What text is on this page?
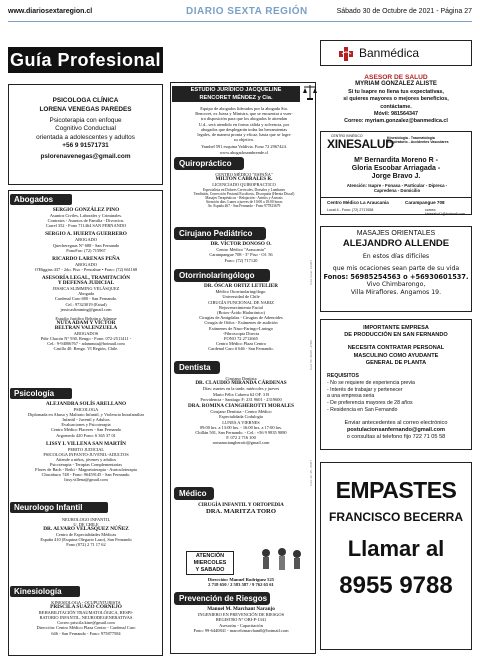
www.diariosextaregion.cl	DIARIO SEXTA REGIÓN	Sábado 30 de Octubre de 2021 - Página 27
Guía Profesional
PSICOLOGA CLÍNICA
LORENA VENEGAS PAREDES
Psicoterapia con enfoque
Cognitivo Conductual
orientada a adolescentes y adultos
+56 9 91571731
pslorenavenegas@gmail.com
Abogados

SERGIO GONZÁLEZ PINO

Asuntos Civiles, Laborales y Criminales.

Contratos - Asuntos de Familia - Divorcios.

Carrel 352 - Fono 711464 SAN FERNANDO

SERGIO A. HUERTA GUERRERO

ABOGADO

Quechereguas N° 688 - San Fernando

FonoFax: (72) 715967

RICARDO LARENAS PEÑA

ABOGADO

O'Higgins 437 - 2do. Piso - Pencahue • Fono: (72) 661168

ASESORÍA LEGAL, TRAMITACIÓN

Y DEFENSA JUDICIAL

JESSICA SLIMMING VELÁSQUEZ

Abogada

Cardenal Caro 680 - San Fernando.

Cel.: 97323019 (Estud)

jessicaslimming@gmail.com

Estudio Jurídico Beltrán y Adasme

NUTA ADAM Y VÍCTOR

BELTRAN VALENZUELA

ABOGADOS

Pdte Chacón N° 930, Rengo - Fono: 072-2511411 -

Cel.: 9-94006767 - adamnuta@hotmail.com

Casilla 40. Rengo. VI Región, Chile.

Psicología

ALEJANDRA SOLÍS ARELLANO

PSICOLOGA

Diplomada en Abuso y Maltrato Infantil, y Violencia Intrafamiliar

Infantil - Juvenil y Adultos

Evaluaciones y Psicoterapia

Centro Médico Placeres - San Fernando

Argomedo 420 Fono: 6 365 37 01

LISSY I. VILLENA SAN MARTÍN

PERITO JUDICIAL

PSICOLOGA INFANTO-JUVENIL-ADULTOS

Atiende a niños, jóvenes y adultos

Psicoterapia - Terapias Complementarias

Flores de Bach - Reiki - Magnetoterapia - Auriculoterapia

Chacabuco 748 - Fono: 96459145 - San Fernando.

lissy.villena@gmail.com

Neurologo Infantil

NEUROLOGO INFANTIL

U. DE CHILE

DR. ALVARO VELÁSQUEZ NÚÑEZ

Centro de Especialidades Médicas

España 410 (Esquina Olegario Lazo), San Fernando

Fono (072) 2 71 17 62

Kinesiología

KINESIOLOGA - OCUPUNTURISTA

PRISCILA SUAZO CORNEJO

REHABILITACIÓN TRAUMATOLÓGICA, RESPI-

RATORIO INFANTIL, NEURODEGENERATIVAS

Correo priscila.kine@gmail.com

Dirección: Centro Médico Plaza Centro - Cardenal Caro

646 - San Fernando - Fono: 975877584

ESTUDIO JURÍDICO JACQUELINE
RENCORET MÉNDEZ y Cia.

Equipo de abogados liderados por la abogada Sta.

Rencoret, ex Jueza y Ministra, que se encuentra a vues-

tra disposición para que los abogados le atiendan

U.d., será atendido en forma cálida y solvencia, por

abogados que desplegarán todas las herramientas

legales, de manera pronta y eficaz, hasta que se logre

su objetivo.

Yumbel 591 esquina Valdivia. Fono 72 2967424.

www.abogadosambrende.cl

Quiropráctico

CENTRO MÉDICO "ESPAÑA"

MILTON CABRALES R.

LICENCIADO QUIROPRACTICO

Especialista en Dolores Cervicales, Dorsales y Lumbares

Tendinitis, Corrección Postural Escoliosis, Discopatía (Hernia Discal)

Masajes Terapéuticos - Relajación - Artritis y Artrosis

Atención días: Lunes a jueves de 10:00 a 18:00 horas

Av. España 467 - San Fernando - Fono 977823679

Cirujano Pediátrico

DR. VÍCTOR DONOSO O.

Centro Médico "Araucania"

Carampangue 708 - 3° Piso - Of. 56

Fono: (72) 717120

Otorrinolaringólogo

DR. ÓSCAR ORTIZ LETELIER

Médico Otorrinolaringólogo.

Universidad de Chile

CIRUGÍA FUNCIONAL DE NARIZ

Rejuvenecimiento Facial

(Botox-Ácido Hialurónico)

Cirugías de Amígdalas - Cirugías de Adenoides

Cirugía de Oídos - Exámenes de audición

Exámenes de Naso-Faringo-Laringo

-Fibroscopia Directa

FONO 72 2712665

Centro Médico Plaza Centro

Cardenal Caro # 646 - San Fernando.

Dentista

Cirujano Dentista

DR. CLAUDIO MIRANDA CÁRDENAS

Días: martes en la tarde, miércoles y jueves

Mario Félix Cabrera 62 OF. 3 B

Providencia - Santiago F: 231 9601 - 2319600

DRA. ROMINA CIANGHEROTTI MORALES

Cirujano Dentista - Centro Médico

Especialidada Codulogía

LUNES A VIERNES

09:00 hrs. a 13:00 hrs. - 16:00 hrs. a 17:00 hrs.

Chillán 501, San Fernando. - Cel.: +56 9 9835 9080

F. 072 2 716 100

romanaciangherotti@gmail.com

Médico

CIRUGÍA INFANTIL Y ORTOPEDIA

DRA. MARITZA TORO

ATENCIÓN
MIERCOLES
Y SABADO

Dirección: Manuel Rodríguez 525

2 718 650 / 2 583 587 / 9 762 65 61

Prevención de Riesgos

Manuel M. Marchant Naranjo

INGENIERO EN PREVENCIÓN DE RIESGOS

REGISTRO N° OBI-P-1341

Asesorías - Capacitación

Fono: 99-6440841 - marcelomarchant0@hotmail.com

Cód. Gruo: 124/01
Cód. 5b. 98.00 - 37/00
Cód: 22: 28 - 05/07
Banmédica
ASESOR DE SALUD
MYRIAM GONZALEZ ALISTE
Si tu Isapre no llena tus expectativas,
si quieres mayores o mejores beneficios,
contáctame.
Móvil: 981564347
Correo: myriam.gonzalez@banmedica.cl
CENTRO KINÉSICO
XINESALUD
Kinesiología - Traumatología
Respiratorio - Accidentes Vasculares
Mª Bernardita Moreno R -
Gloria Escobar Arriagada -
Jorge Bravo J.
Atención: Isapre - Fonasa - Particular - Dipreca -
Capredena - Domicilio
Centro Médico La Araucania	Carampangue 708
Local 4 - Fono: (72) 2717658	correo: kinesalud1@hotmail.com
MASAJES ORIENTALES
ALEJANDRO ALLENDE
En estos días difíciles
que mis ocaciones sean parte de su vida
Fonos: 56985254563 o +56930601537.
Vivo Chimbarongo,
Villa Miraflores. Angamos 19.
IMPORTANTE EMPRESA
DE PRODUCCIÓN EN SAN FERNANDO
NECESITA CONTRATAR PERSONAL
MASCULINO COMO AYUDANTE
GENERAL DE PLANTA
REQUISITOS
- No se requiere de experiencia previa
- Interés de trabajar y pertenecer
a una empresa seria
- De preferencia mayores de 28 años
- Residencia en San Fernando
Enviar antecedentes al correo electrónico
postulacionsanfernando@gmail.com
o consultas al telefono fijo 722 71 05 58
EMPASTES
FRANCISCO BECERRA
Llamar al
8955 9788
